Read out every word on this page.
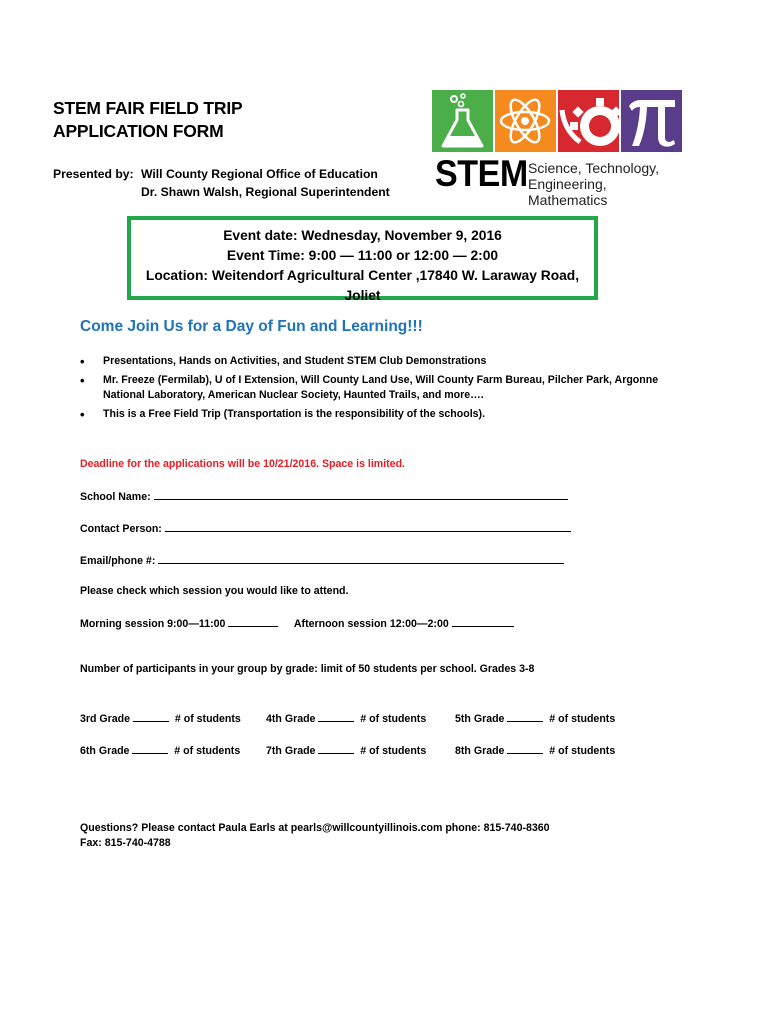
STEM FAIR FIELD TRIP
APPLICATION FORM
Presented by: Will County Regional Office of Education
Dr. Shawn Walsh, Regional Superintendent STEM Science, Technology,
Engineering, Mathematics
Event date: Wednesday, November 9, 2016
Event Time: 9:00 — 11:00 or 12:00 — 2:00
Location: Weitendorf Agricultural Center ,17840 W. Laraway Road, Joliet
Come Join Us for a Day of Fun and Learning!!!
• Presentations, Hands on Activities, and Student STEM Club Demonstrations
• Mr. Freeze (Fermilab), U of I Extension, Will County Land Use, Will County Farm Bureau, Pilcher Park, Argonne National Laboratory, American Nuclear Society, Haunted Trails, and more….
• This is a Free Field Trip (Transportation is the responsibility of the schools).
Deadline for the applications will be 10/21/2016. Space is limited.
School Name:
Contact Person:
Email/phone #:
Please check which session you would like to attend.
Morning session 9:00—11:00	Afternoon session 12:00—2:00
Number of participants in your group by grade: limit of 50 students per school. Grades 3-8
3rd Grade	# of students 4th Grade	# of students	5th Grade	# of students
6th Grade	# of students 7th Grade	# of students	8th Grade	# of students
Questions? Please contact Paula Earls at pearls@willcountyillinois.com phone: 815-740-8360
Fax: 815-740-4788
